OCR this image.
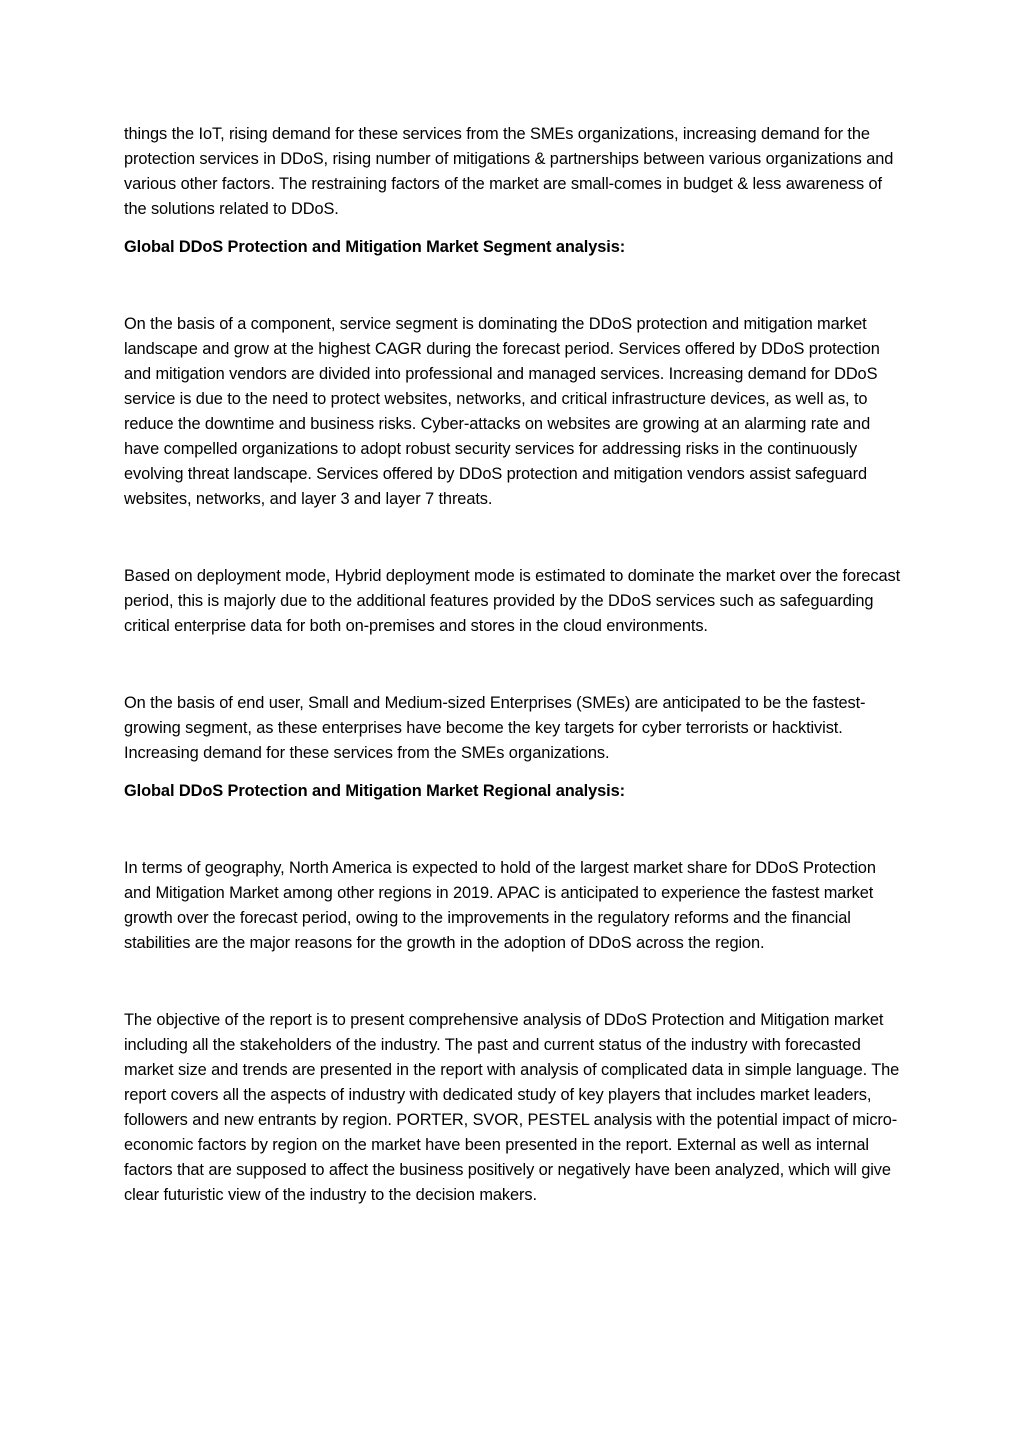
things the IoT, rising demand for these services from the SMEs organizations, increasing demand for the protection services in DDoS, rising number of mitigations & partnerships between various organizations and various other factors. The restraining factors of the market are small-comes in budget & less awareness of the solutions related to DDoS.

Global DDoS Protection and Mitigation Market Segment analysis:

On the basis of a component, service segment is dominating the DDoS protection and mitigation market landscape and grow at the highest CAGR during the forecast period. Services offered by DDoS protection and mitigation vendors are divided into professional and managed services. Increasing demand for DDoS service is due to the need to protect websites, networks, and critical infrastructure devices, as well as, to reduce the downtime and business risks. Cyber-attacks on websites are growing at an alarming rate and have compelled organizations to adopt robust security services for addressing risks in the continuously evolving threat landscape. Services offered by DDoS protection and mitigation vendors assist safeguard websites, networks, and layer 3 and layer 7 threats.

Based on deployment mode, Hybrid deployment mode is estimated to dominate the market over the forecast period, this is majorly due to the additional features provided by the DDoS services such as safeguarding critical enterprise data for both on-premises and stores in the cloud environments.

On the basis of end user, Small and Medium-sized Enterprises (SMEs) are anticipated to be the fastest-growing segment, as these enterprises have become the key targets for cyber terrorists or hacktivist. Increasing demand for these services from the SMEs organizations.

Global DDoS Protection and Mitigation Market Regional analysis:

In terms of geography, North America is expected to hold of the largest market share for DDoS Protection and Mitigation Market among other regions in 2019. APAC is anticipated to experience the fastest market growth over the forecast period, owing to the improvements in the regulatory reforms and the financial stabilities are the major reasons for the growth in the adoption of DDoS across the region.

The objective of the report is to present comprehensive analysis of DDoS Protection and Mitigation market including all the stakeholders of the industry. The past and current status of the industry with forecasted market size and trends are presented in the report with analysis of complicated data in simple language. The report covers all the aspects of industry with dedicated study of key players that includes market leaders, followers and new entrants by region. PORTER, SVOR, PESTEL analysis with the potential impact of micro-economic factors by region on the market have been presented in the report. External as well as internal factors that are supposed to affect the business positively or negatively have been analyzed, which will give clear futuristic view of the industry to the decision makers.
